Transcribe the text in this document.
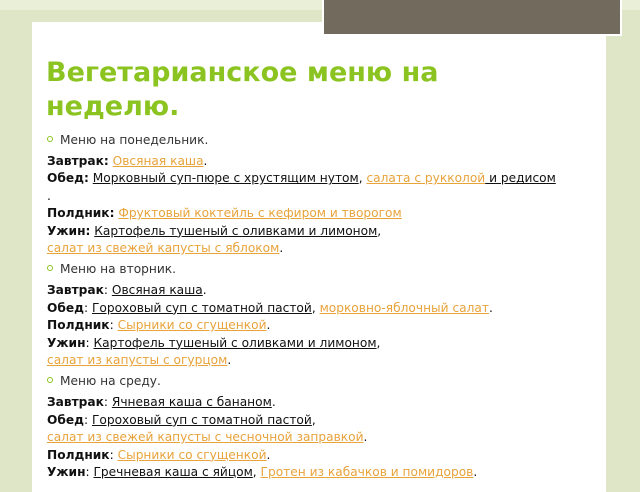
Вегетарианское меню на неделю.
Меню на понедельник.
Завтрак: Овсяная каша.
Обед: Морковный суп-пюре с хрустящим нутом, салата с рукколой и редисом
.
Полдник: Фруктовый коктейль с кефиром и творогом
Ужин: Картофель тушеный с оливками и лимоном,
салат из свежей капусты с яблоком.
Меню на вторник.
Завтрак: Овсяная каша.
Обед: Гороховый суп с томатной пастой, морковно-яблочный салат.
Полдник: Сырники со сгущенкой.
Ужин: Картофель тушеный с оливками и лимоном,
салат из капусты с огурцом.
Меню на среду.
Завтрак: Ячневая каша с бананом.
Обед: Гороховый суп с томатной пастой,
салат из свежей капусты с чесночной заправкой.
Полдник: Сырники со сгущенкой.
Ужин: Гречневая каша с яйцом, Гротен из кабачков и помидоров.
